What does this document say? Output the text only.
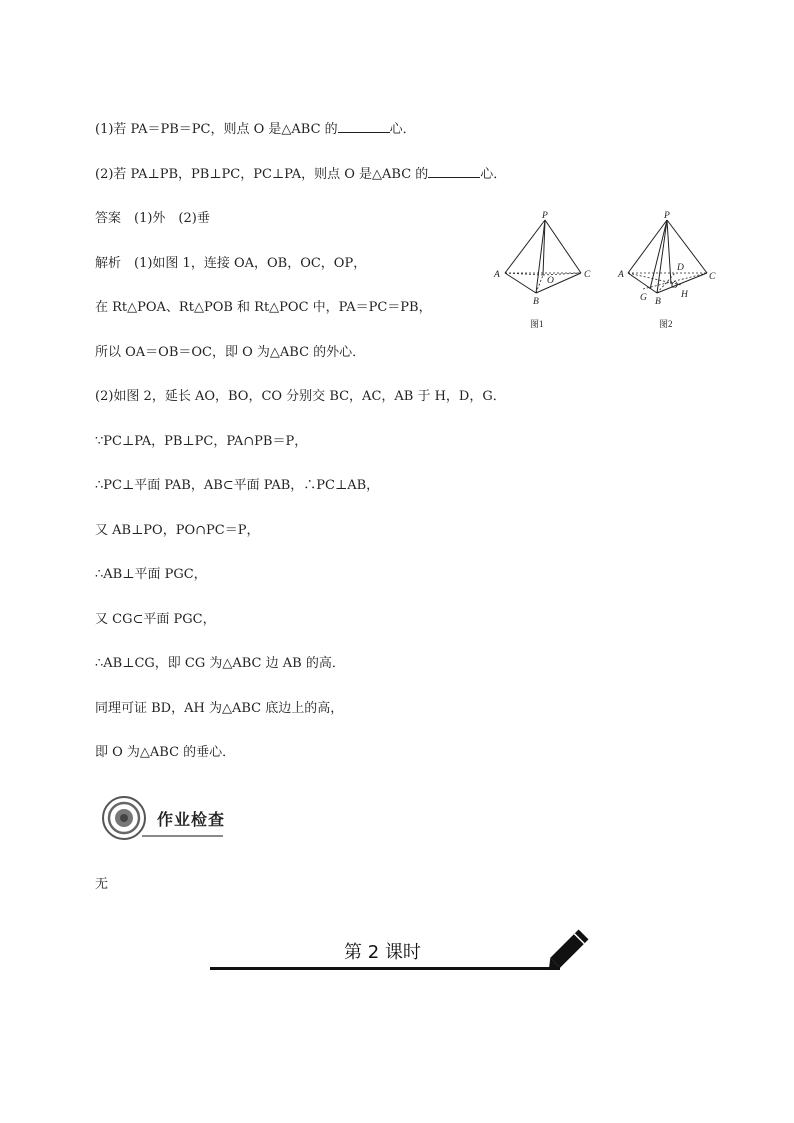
(1)若 PA＝PB＝PC，则点 O 是△ABC 的	心．
(2)若 PA⊥PB，PB⊥PC，PC⊥PA，则点 O 是△ABC 的	心．
答案　(1)外　(2)垂
解析　(1)如图 1，连接 OA，OB，OC，OP，
在 Rt△POA、Rt△POB 和 Rt△POC 中，PA＝PC＝PB，
所以 OA＝OB＝OC，即 O 为△ABC 的外心．
(2)如图 2，延长 AO，BO，CO 分别交 BC，AC，AB 于 H，D，G．
∵PC⊥PA，PB⊥PC，PA∩PB＝P，
∴PC⊥平面 PAB，AB⊂平面 PAB，∴PC⊥AB，
又 AB⊥PO，PO∩PC＝P，
∴AB⊥平面 PGC，
又 CG⊂平面 PGC，
∴AB⊥CG，即 CG 为△ABC 边 AB 的高．
同理可证 BD，AH 为△ABC 底边上的高，
即 O 为△ABC 的垂心．
P
A	C
B
O
图1
P
A	C
B
D
O
G	H
图2
作业检查
无
第 2 课时
